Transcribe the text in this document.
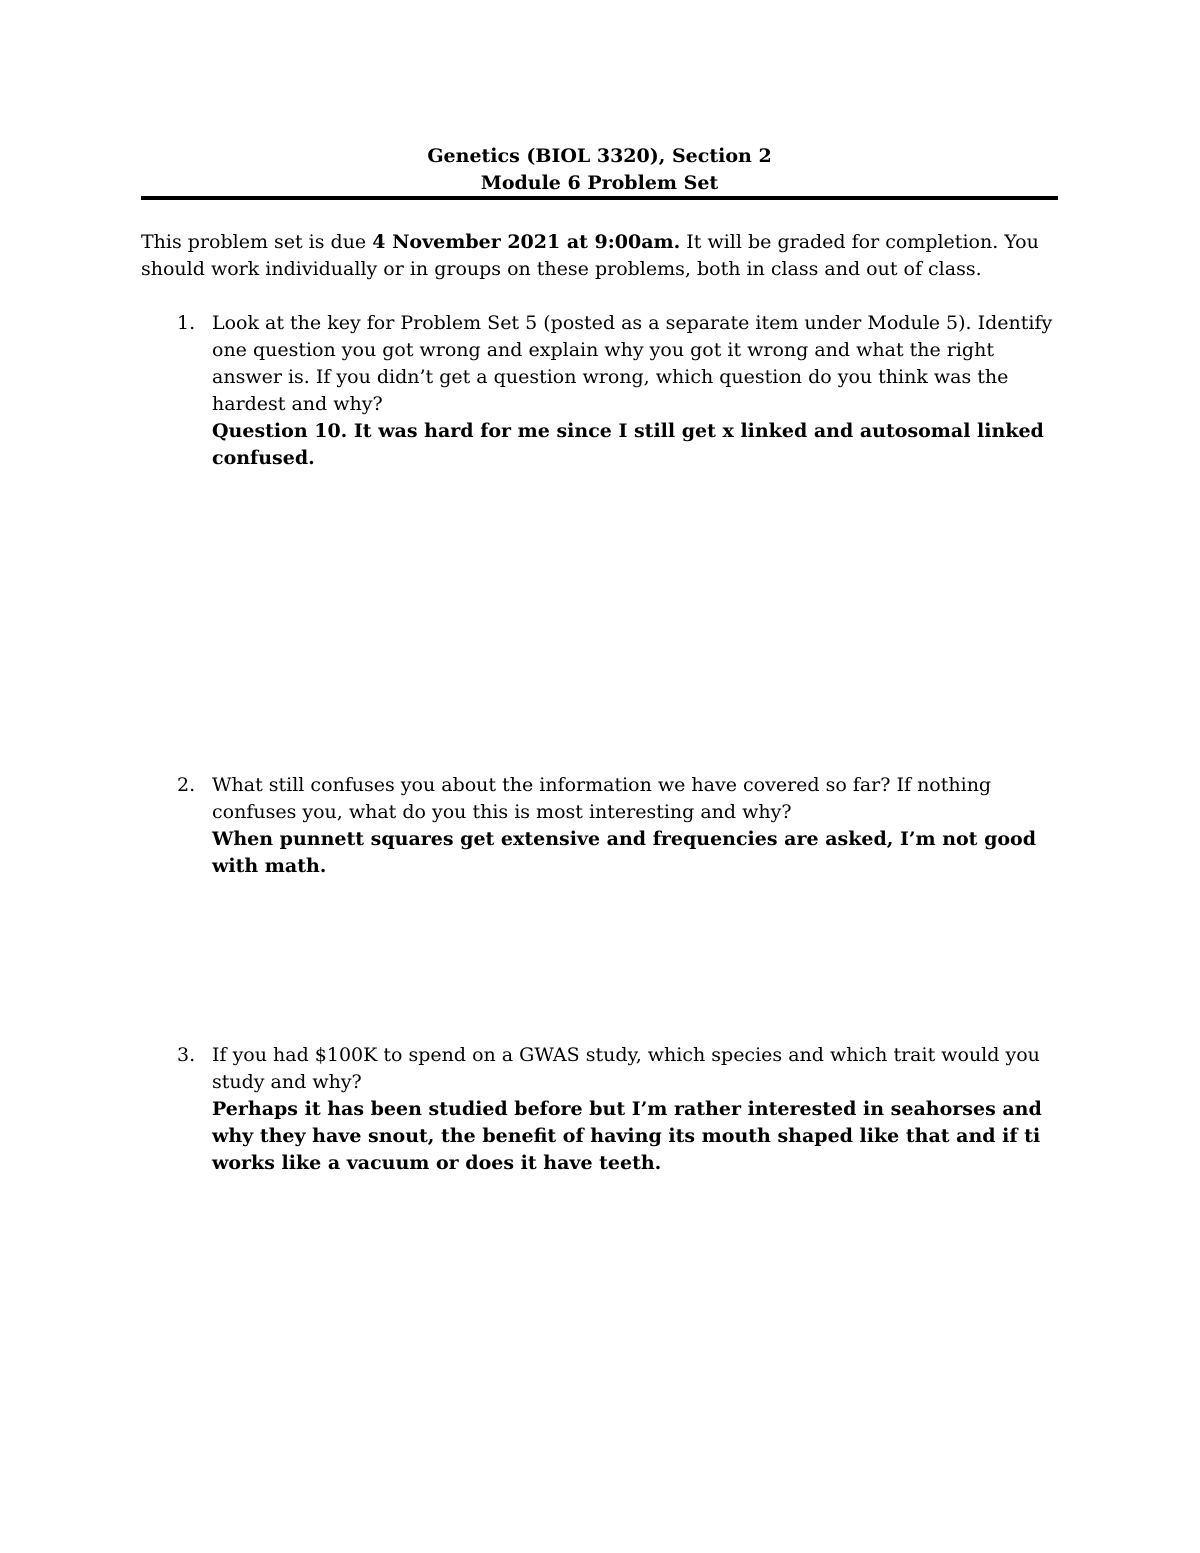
Genetics (BIOL 3320), Section 2
Module 6 Problem Set
This problem set is due 4 November 2021 at 9:00am. It will be graded for completion. You should work individually or in groups on these problems, both in class and out of class.
1. Look at the key for Problem Set 5 (posted as a separate item under Module 5). Identify one question you got wrong and explain why you got it wrong and what the right answer is. If you didn’t get a question wrong, which question do you think was the hardest and why?
Question 10. It was hard for me since I still get x linked and autosomal linked confused.
2. What still confuses you about the information we have covered so far? If nothing confuses you, what do you this is most interesting and why?
When punnett squares get extensive and frequencies are asked, I’m not good with math.
3. If you had $100K to spend on a GWAS study, which species and which trait would you study and why?
Perhaps it has been studied before but I’m rather interested in seahorses and why they have snout, the benefit of having its mouth shaped like that and if ti works like a vacuum or does it have teeth.
